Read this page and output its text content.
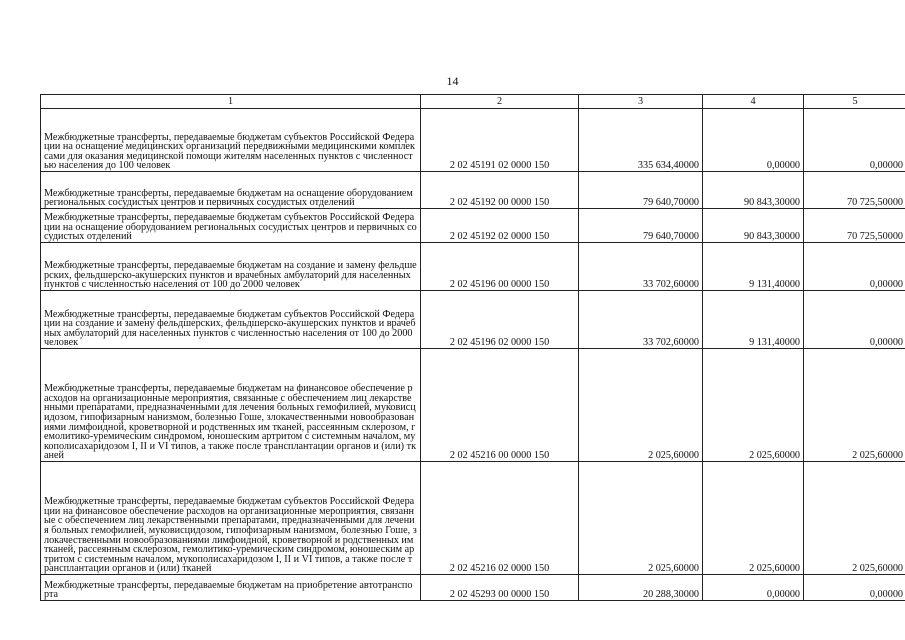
14
1	2	3	4	5
Межбюджетные трансферты, передаваемые бюджетам субъектов Российской Федерации на оснащение медицинских организаций передвижными медицинскими комплексами для оказания медицинской помощи жителям населенных пунктов с численностью населения до 100 человек	2 02 45191 02 0000 150	335 634,40000	0,00000	0,00000
Межбюджетные трансферты, передаваемые бюджетам на оснащение оборудованием региональных сосудистых центров и первичных сосудистых отделений	2 02 45192 00 0000 150	79 640,70000	90 843,30000	70 725,50000
Межбюджетные трансферты, передаваемые бюджетам субъектов Российской Федерации на оснащение оборудованием региональных сосудистых центров и первичных сосудистых отделений	2 02 45192 02 0000 150	79 640,70000	90 843,30000	70 725,50000
Межбюджетные трансферты, передаваемые бюджетам на создание и замену фельдшерских, фельдшерско-акушерских пунктов и врачебных амбулаторий для населенных пунктов с численностью населения от 100 до 2000 человек	2 02 45196 00 0000 150	33 702,60000	9 131,40000	0,00000
Межбюджетные трансферты, передаваемые бюджетам субъектов Российской Федерации на создание и замену фельдшерских, фельдшерско-акушерских пунктов и врачебных амбулаторий для населенных пунктов с численностью населения от 100 до 2000 человек	2 02 45196 02 0000 150	33 702,60000	9 131,40000	0,00000
Межбюджетные трансферты, передаваемые бюджетам на финансовое обеспечение расходов на организационные мероприятия, связанные с обеспечением лиц лекарственными препаратами, предназначенными для лечения больных гемофилией, муковисцидозом, гипофизарным нанизмом, болезнью Гоше, злокачественными новообразованиями лимфоидной, кроветворной и родственных им тканей, рассеянным склерозом, гемолитико-уремическим синдромом, юношеским артритом с системным началом, мукополисахаридозом I, II и VI типов, а также после трансплантации органов и (или) тканей	2 02 45216 00 0000 150	2 025,60000	2 025,60000	2 025,60000
Межбюджетные трансферты, передаваемые бюджетам субъектов Российской Федерации на финансовое обеспечение расходов на организационные мероприятия, связанные с обеспечением лиц лекарственными препаратами, предназначенными для лечения больных гемофилией, муковисцидозом, гипофизарным нанизмом, болезнью Гоше, злокачественными новообразованиями лимфоидной, кроветворной и родственных им тканей, рассеянным склерозом, гемолитико-уремическим синдромом, юношеским артритом с системным началом, мукополисахаридозом I, II и VI типов, а также после трансплантации органов и (или) тканей	2 02 45216 02 0000 150	2 025,60000	2 025,60000	2 025,60000
Межбюджетные трансферты, передаваемые бюджетам на приобретение автотранспорта	2 02 45293 00 0000 150	20 288,30000	0,00000	0,00000
